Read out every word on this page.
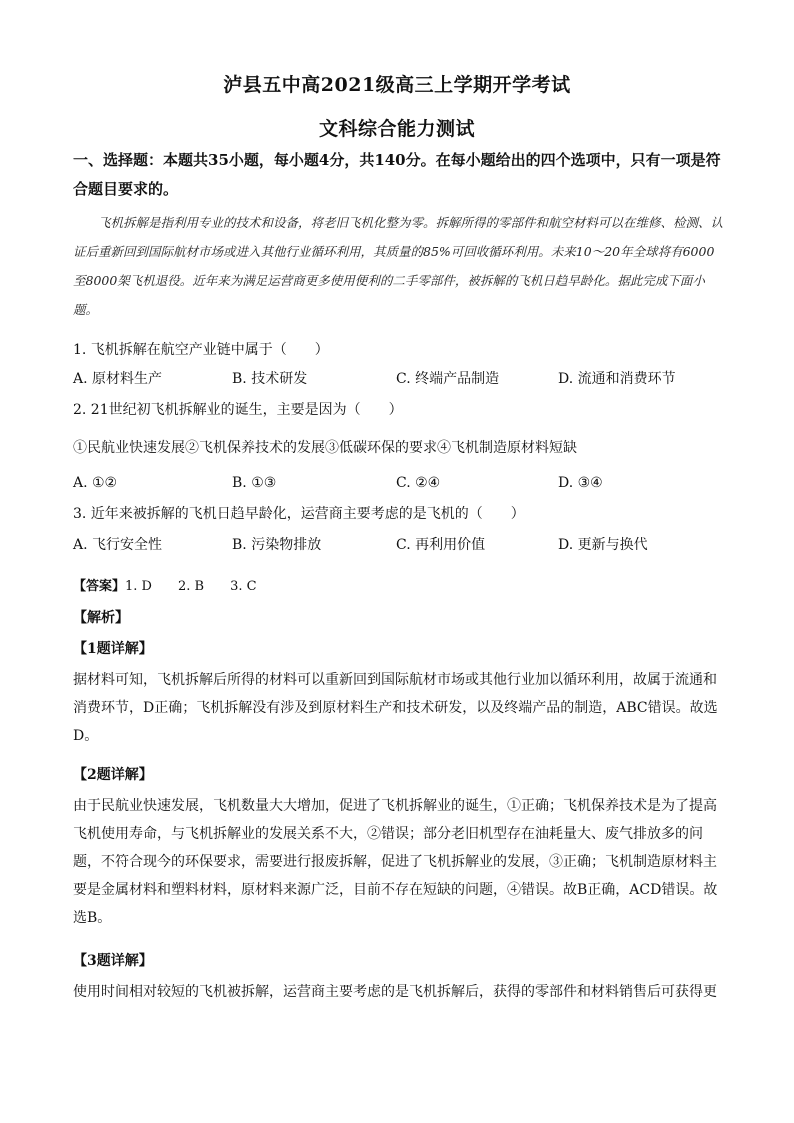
泸县五中高2021级高三上学期开学考试
文科综合能力测试
一、选择题：本题共35小题，每小题4分，共140分。在每小题给出的四个选项中，只有一项是符合题目要求的。
飞机拆解是指利用专业的技术和设备，将老旧飞机化整为零。拆解所得的零部件和航空材料可以在维修、检测、认证后重新回到国际航材市场或进入其他行业循环利用，其质量的85%可回收循环利用。未来10～20年全球将有6000至8000架飞机退役。近年来为满足运营商更多使用便利的二手零部件，被拆解的飞机日趋早龄化。据此完成下面小题。
1. 飞机拆解在航空产业链中属于（　　）
A. 原材料生产	B. 技术研发	C. 终端产品制造	D. 流通和消费环节
2. 21世纪初飞机拆解业的诞生，主要是因为（　　）
①民航业快速发展②飞机保养技术的发展③低碳环保的要求④飞机制造原材料短缺
A. ①②	B. ①③	C. ②④	D. ③④
3. 近年来被拆解的飞机日趋早龄化，运营商主要考虑的是飞机的（　　）
A. 飞行安全性	B. 污染物排放	C. 再利用价值	D. 更新与换代
【答案】1. D 2. B 3. C
【解析】
【1题详解】
据材料可知，飞机拆解后所得的材料可以重新回到国际航材市场或其他行业加以循环利用，故属于流通和消费环节，D正确；飞机拆解没有涉及到原材料生产和技术研发，以及终端产品的制造，ABC错误。故选D。
【2题详解】
由于民航业快速发展，飞机数量大大增加，促进了飞机拆解业的诞生，①正确；飞机保养技术是为了提高飞机使用寿命，与飞机拆解业的发展关系不大，②错误；部分老旧机型存在油耗量大、废气排放多的问题，不符合现今的环保要求，需要进行报废拆解，促进了飞机拆解业的发展，③正确；飞机制造原材料主要是金属材料和塑料材料，原材料来源广泛，目前不存在短缺的问题，④错误。故B正确，ACD错误。故选B。
【3题详解】
使用时间相对较短的飞机被拆解，运营商主要考虑的是飞机拆解后，获得的零部件和材料销售后可获得更
